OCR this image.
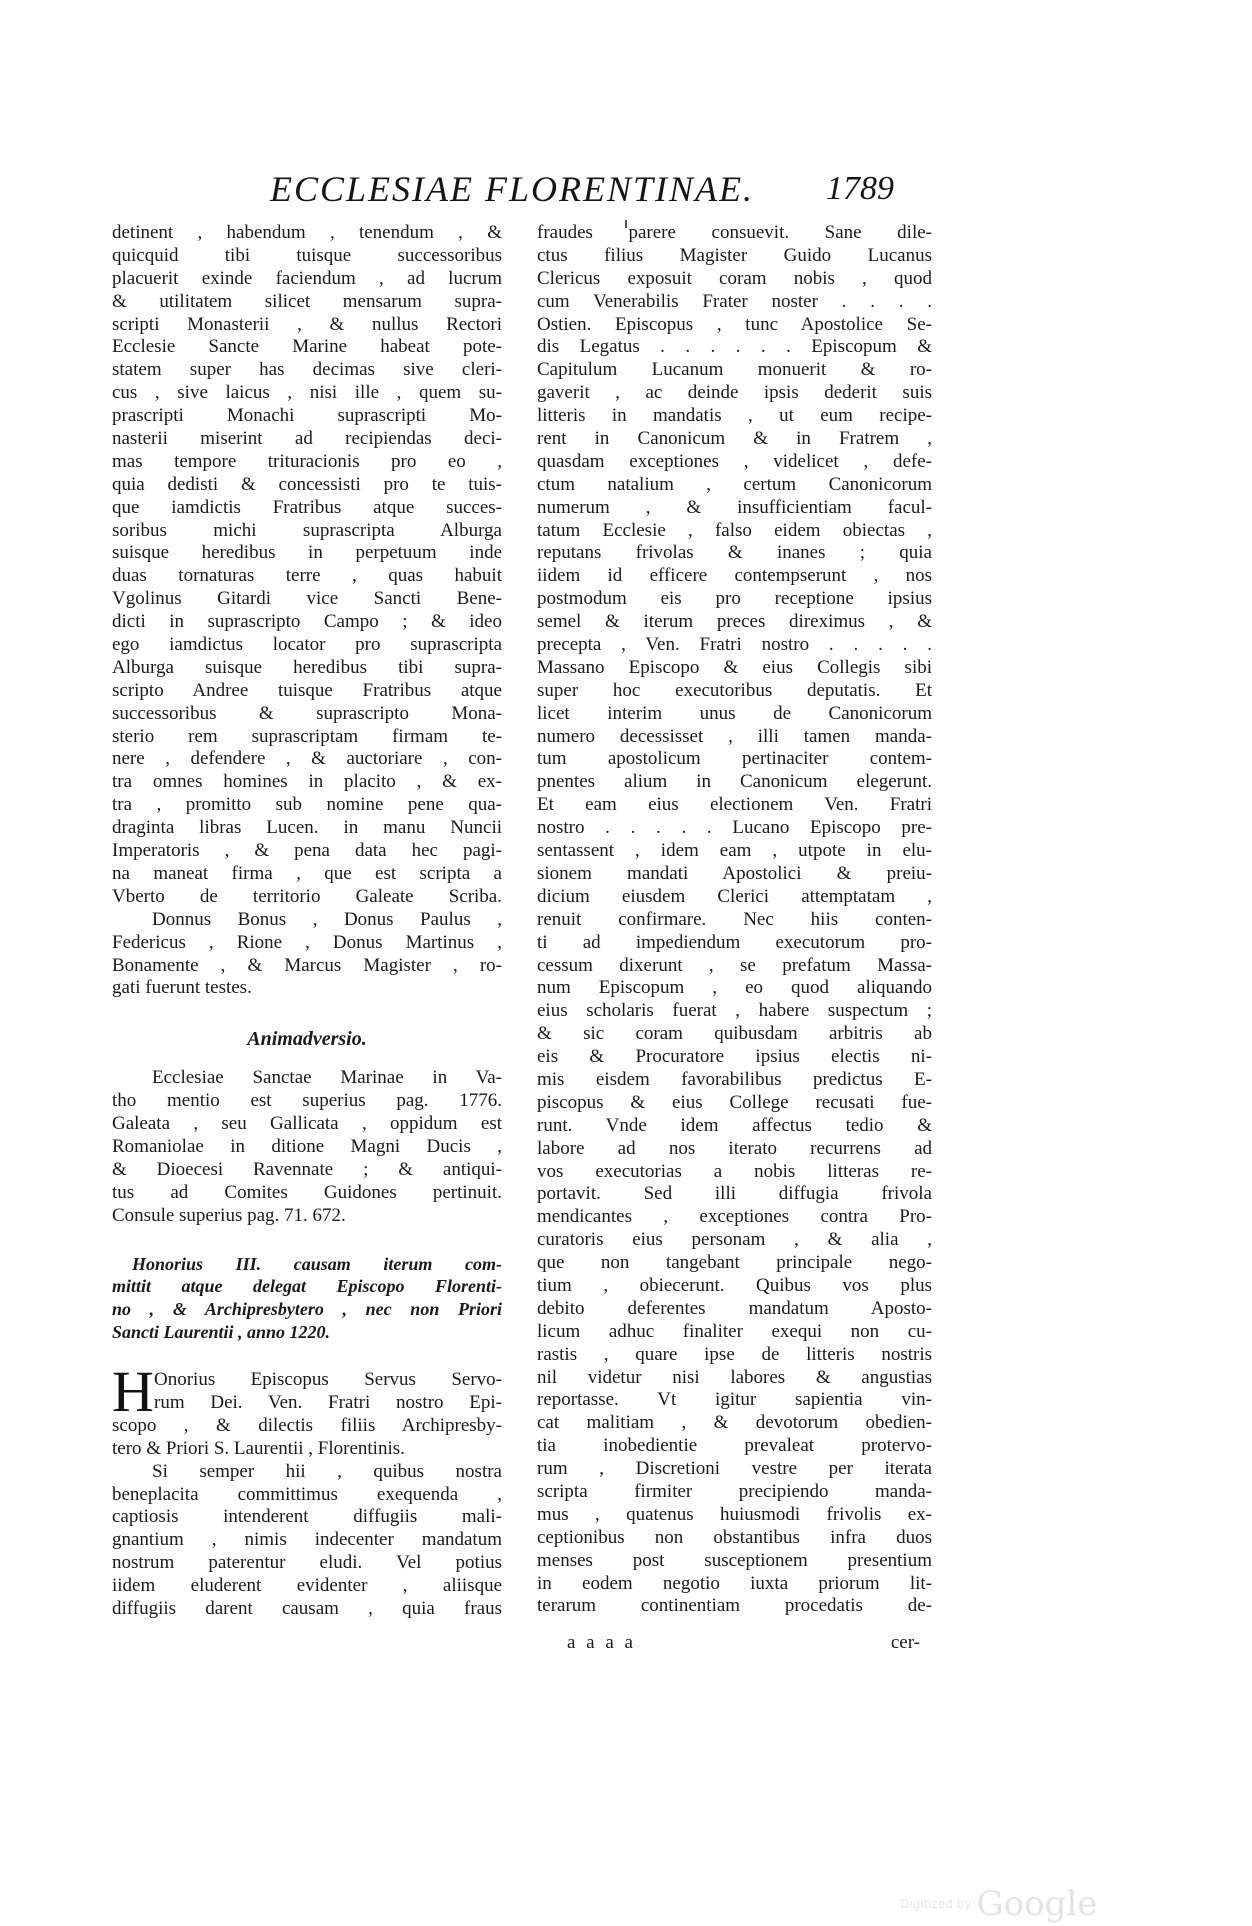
ECCLESIAE FLORENTINAE. 1789
detinent , habendum , tenendum , &
quicquid tibi tuisque successoribus
placuerit exinde faciendum , ad lucrum
& utilitatem silicet mensarum supra-
scripti Monasterii , & nullus Rectori
Ecclesie Sancte Marine habeat pote-
statem super has decimas sive cleri-
cus , sive laicus , nisi ille , quem su-
prascripti Monachi suprascripti Mo-
nasterii miserint ad recipiendas deci-
mas tempore trituracionis pro eo ,
quia dedisti & concessisti pro te tuis-
que iamdictis Fratribus atque succes-
soribus michi suprascripta Alburga
suisque heredibus in perpetuum inde
duas tornaturas terre , quas habuit
Vgolinus Gitardi vice Sancti Bene-
dicti in suprascripto Campo ; & ideo
ego iamdictus locator pro suprascripta
Alburga suisque heredibus tibi supra-
scripto Andree tuisque Fratribus atque
successoribus & suprascripto Mona-
sterio rem suprascriptam firmam te-
nere , defendere , & auctoriare , con-
tra omnes homines in placito , & ex-
tra , promitto sub nomine pene qua-
draginta libras Lucen. in manu Nuncii
Imperatoris , & pena data hec pagi-
na maneat firma , que est scripta a
Vberto de territorio Galeate Scriba.
Donnus Bonus , Donus Paulus ,
Federicus , Rione , Donus Martinus ,
Bonamente , & Marcus Magister , ro-
gati fuerunt testes.
Animadversio.
Ecclesiae Sanctae Marinae in Va-
tho mentio est superius pag. 1776.
Galeata , seu Gallicata , oppidum est
Romaniolae in ditione Magni Ducis ,
& Dioecesi Ravennate ; & antiqui-
tus ad Comites Guidones pertinuit.
Consule superius pag. 71. 672.
Honorius III. causam iterum com-
mittit atque delegat Episcopo Florenti-
no , & Archipresbytero , nec non Priori
Sancti Laurentii , anno 1220.
H Onorius Episcopus Servus Servo-
rum Dei. Ven. Fratri nostro Epi-
scopo , & dilectis filiis Archipresby-
tero & Priori S. Laurentii , Florentinis.
Si semper hii , quibus nostra
beneplacita committimus exequenda ,
captiosis intenderent diffugiis mali-
gnantium , nimis indecenter mandatum
nostrum paterentur eludi. Vel potius
iidem eluderent evidenter , aliisque
diffugiis darent causam , quia fraus
fraudes parere consuevit. Sane dile-
ctus filius Magister Guido Lucanus
Clericus exposuit coram nobis , quod
cum Venerabilis Frater noster . . . .
Ostien. Episcopus , tunc Apostolice Se-
dis Legatus . . . . . . Episcopum &
Capitulum Lucanum monuerit & ro-
gaverit , ac deinde ipsis dederit suis
litteris in mandatis , ut eum recipe-
rent in Canonicum & in Fratrem ,
quasdam exceptiones , videlicet , defe-
ctum natalium , certum Canonicorum
numerum , & insufficientiam facul-
tatum Ecclesie , falso eidem obiectas ,
reputans frivolas & inanes ; quia
iidem id efficere contempserunt , nos
postmodum eis pro receptione ipsius
semel & iterum preces direximus , &
precepta , Ven. Fratri nostro . . . . .
Massano Episcopo & eius Collegis sibi
super hoc executoribus deputatis. Et
licet interim unus de Canonicorum
numero decessisset , illi tamen manda-
tum apostolicum pertinaciter contem-
pnentes alium in Canonicum elegerunt.
Et eam eius electionem Ven. Fratri
nostro . . . . . Lucano Episcopo pre-
sentassent , idem eam , utpote in elu-
sionem mandati Apostolici & preiu-
dicium eiusdem Clerici attemptatam ,
renuit confirmare. Nec hiis conten-
ti ad impediendum executorum pro-
cessum dixerunt , se prefatum Massa-
num Episcopum , eo quod aliquando
eius scholaris fuerat , habere suspectum ;
& sic coram quibusdam arbitris ab
eis & Procuratore ipsius electis ni-
mis eisdem favorabilibus predictus E-
piscopus & eius College recusati fue-
runt. Vnde idem affectus tedio &
labore ad nos iterato recurrens ad
vos executorias a nobis litteras re-
portavit. Sed illi diffugia frivola
mendicantes , exceptiones contra Pro-
curatoris eius personam , & alia ,
que non tangebant principale nego-
tium , obiecerunt. Quibus vos plus
debito deferentes mandatum Aposto-
licum adhuc finaliter exequi non cu-
rastis , quare ipse de litteris nostris
nil videtur nisi labores & angustias
reportasse. Vt igitur sapientia vin-
cat malitiam , & devotorum obedien-
tia inobedientie prevaleat protervo-
rum , Discretioni vestre per iterata
scripta firmiter precipiendo manda-
mus , quatenus huiusmodi frivolis ex-
ceptionibus non obstantibus infra duos
menses post susceptionem presentium
in eodem negotio iuxta priorum lit-
terarum continentiam procedatis de-
a a a a	cer-
Digitized by Google
